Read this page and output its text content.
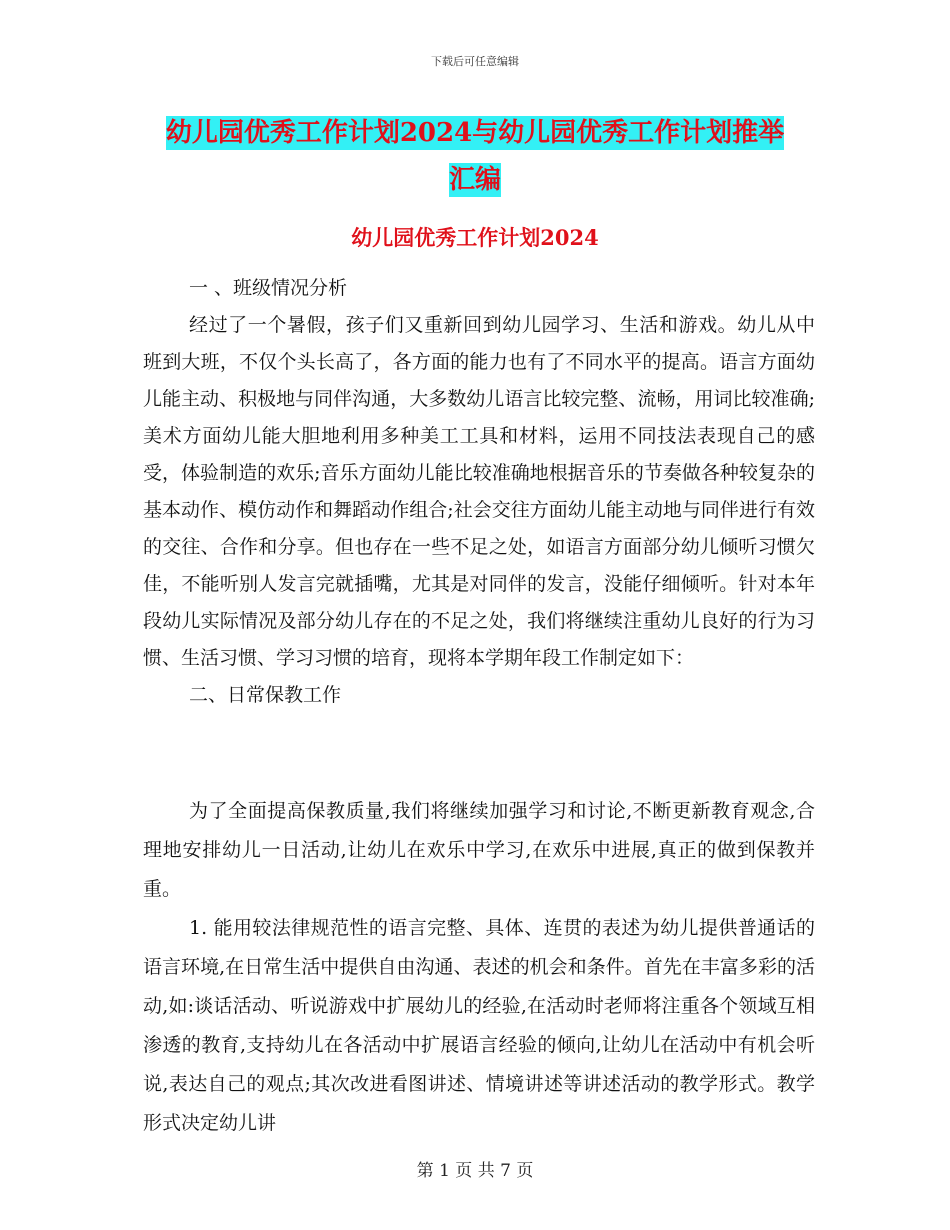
下载后可任意编辑
幼儿园优秀工作计划2024与幼儿园优秀工作计划推举
汇编
幼儿园优秀工作计划2024

一 、班级情况分析

经过了一个暑假，孩子们又重新回到幼儿园学习、生活和游戏。幼儿从中班到大班，不仅个头长高了，各方面的能力也有了不同水平的提高。语言方面幼儿能主动、积极地与同伴沟通，大多数幼儿语言比较完整、流畅，用词比较准确;美术方面幼儿能大胆地利用多种美工工具和材料，运用不同技法表现自己的感受，体验制造的欢乐;音乐方面幼儿能比较准确地根据音乐的节奏做各种较复杂的基本动作、模仿动作和舞蹈动作组合;社会交往方面幼儿能主动地与同伴进行有效的交往、合作和分享。但也存在一些不足之处，如语言方面部分幼儿倾听习惯欠佳，不能听别人发言完就插嘴，尤其是对同伴的发言，没能仔细倾听。针对本年段幼儿实际情况及部分幼儿存在的不足之处，我们将继续注重幼儿良好的行为习惯、生活习惯、学习习惯的培育，现将本学期年段工作制定如下：

二、日常保教工作

为了全面提高保教质量,我们将继续加强学习和讨论,不断更新教育观念,合理地安排幼儿一日活动,让幼儿在欢乐中学习,在欢乐中进展,真正的做到保教并重。

1. 能用较法律规范性的语言完整、具体、连贯的表述为幼儿提供普通话的语言环境,在日常生活中提供自由沟通、表述的机会和条件。首先在丰富多彩的活动,如:谈话活动、听说游戏中扩展幼儿的经验,在活动时老师将注重各个领域互相渗透的教育,支持幼儿在各活动中扩展语言经验的倾向,让幼儿在活动中有机会听说,表达自己的观点;其次改进看图讲述、情境讲述等讲述活动的教学形式。教学形式决定幼儿讲

第 1 页 共 7 页
